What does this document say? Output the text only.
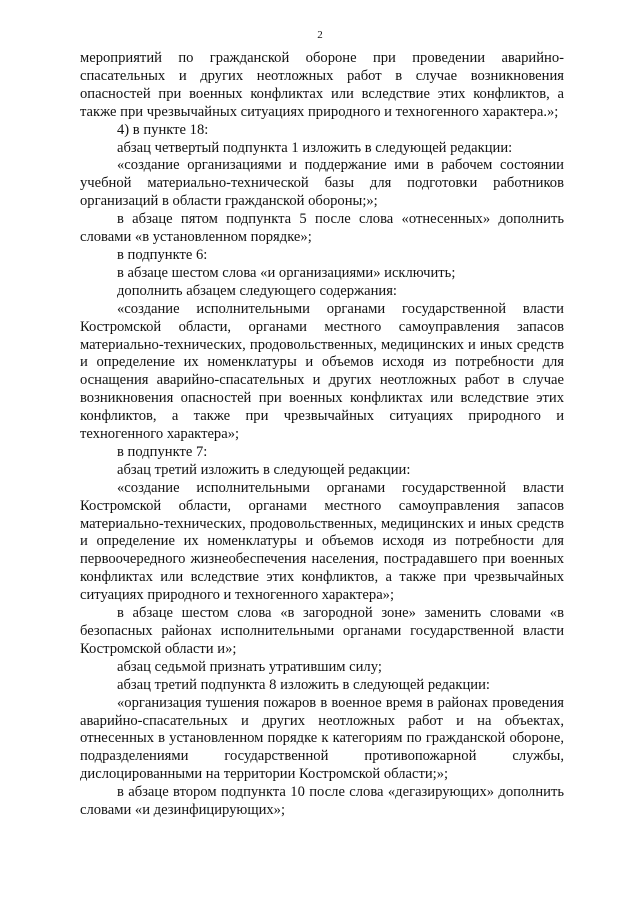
2

мероприятий по гражданской обороне при проведении аварийно-спасательных и других неотложных работ в случае возникновения опасностей при военных конфликтах или вследствие этих конфликтов, а также при чрезвычайных ситуациях природного и техногенного характера.»;

4) в пункте 18:

абзац четвертый подпункта 1 изложить в следующей редакции:

«создание организациями и поддержание ими в рабочем состоянии учебной материально-технической базы для подготовки работников организаций в области гражданской обороны;»;

в абзаце пятом подпункта 5 после слова «отнесенных» дополнить словами «в установленном порядке»;

в подпункте 6:

в абзаце шестом слова «и организациями» исключить;

дополнить абзацем следующего содержания:

«создание исполнительными органами государственной власти Костромской области, органами местного самоуправления запасов материально-технических, продовольственных, медицинских и иных средств и определение их номенклатуры и объемов исходя из потребности для оснащения аварийно-спасательных и других неотложных работ в случае возникновения опасностей при военных конфликтах или вследствие этих конфликтов, а также при чрезвычайных ситуациях природного и техногенного характера»;

в подпункте 7:

абзац третий изложить в следующей редакции:

«создание исполнительными органами государственной власти Костромской области, органами местного самоуправления запасов материально-технических, продовольственных, медицинских и иных средств и определение их номенклатуры и объемов исходя из потребности для первоочередного жизнеобеспечения населения, пострадавшего при военных конфликтах или вследствие этих конфликтов, а также при чрезвычайных ситуациях природного и техногенного характера»;

в абзаце шестом слова «в загородной зоне» заменить словами «в безопасных районах исполнительными органами государственной власти Костромской области и»;

абзац седьмой признать утратившим силу;

абзац третий подпункта 8 изложить в следующей редакции:

«организация тушения пожаров в военное время в районах проведения аварийно-спасательных и других неотложных работ и на объектах, отнесенных в установленном порядке к категориям по гражданской обороне, подразделениями государственной противопожарной службы, дислоцированными на территории Костромской области;»;

в абзаце втором подпункта 10 после слова «дегазирующих» дополнить словами «и дезинфицирующих»;
